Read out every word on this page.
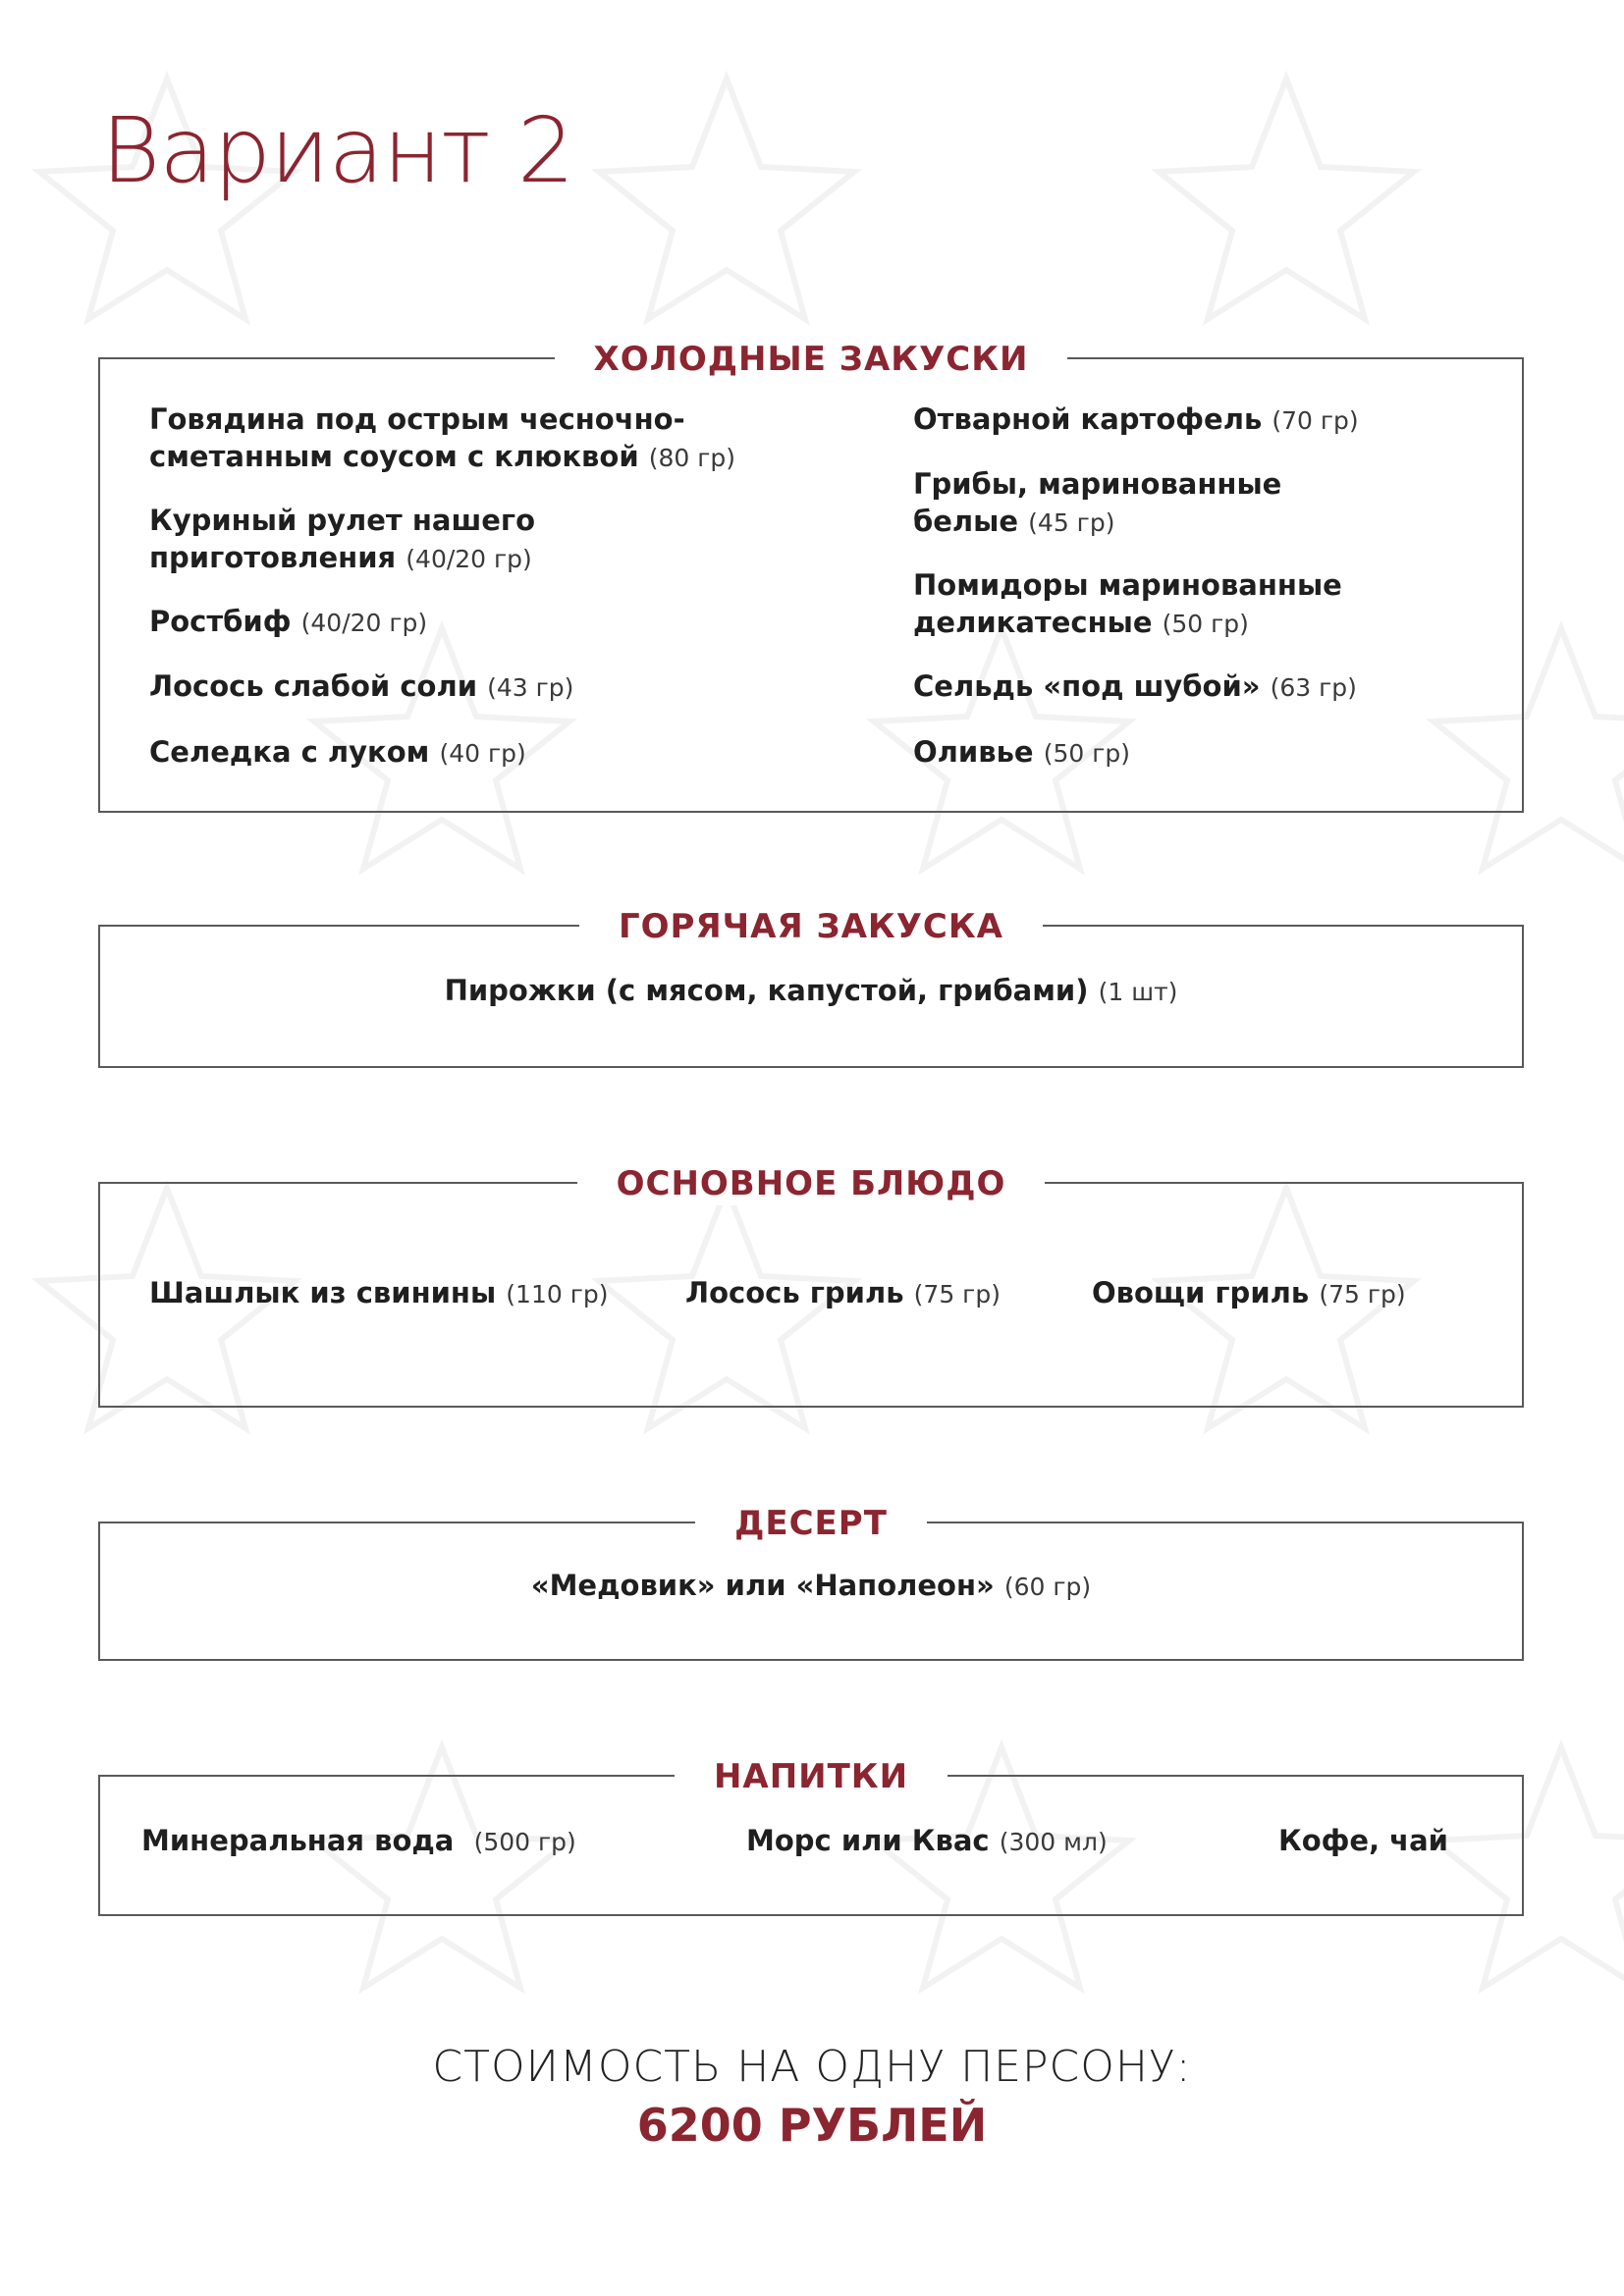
Вариант 2
ХОЛОДНЫЕ ЗАКУСКИ
Говядина под острым чесночно-
сметанным соусом с клюквой (80 гр)
Куриный рулет нашего
приготовления (40/20 гр)
Ростбиф (40/20 гр)
Лосось слабой соли (43 гр)
Селедка с луком (40 гр)
Отварной картофель (70 гр)
Грибы, маринованные
белые (45 гр)
Помидоры маринованные
деликатесные (50 гр)
Сельдь «под шубой» (63 гр)
Оливье (50 гр)
ГОРЯЧАЯ ЗАКУСКА
Пирожки (с мясом, капустой, грибами) (1 шт)
ОСНОВНОЕ БЛЮДО
Шашлык из свинины (110 гр)	Лосось гриль (75 гр)	Овощи гриль (75 гр)
ДЕСЕРТ
«Медовик» или «Наполеон» (60 гр)
НАПИТКИ
Минеральная вода (500 гр)	Морс или Квас (300 мл)	Кофе, чай
СТОИМОСТЬ НА ОДНУ ПЕРСОНУ:
6200 РУБЛЕЙ
